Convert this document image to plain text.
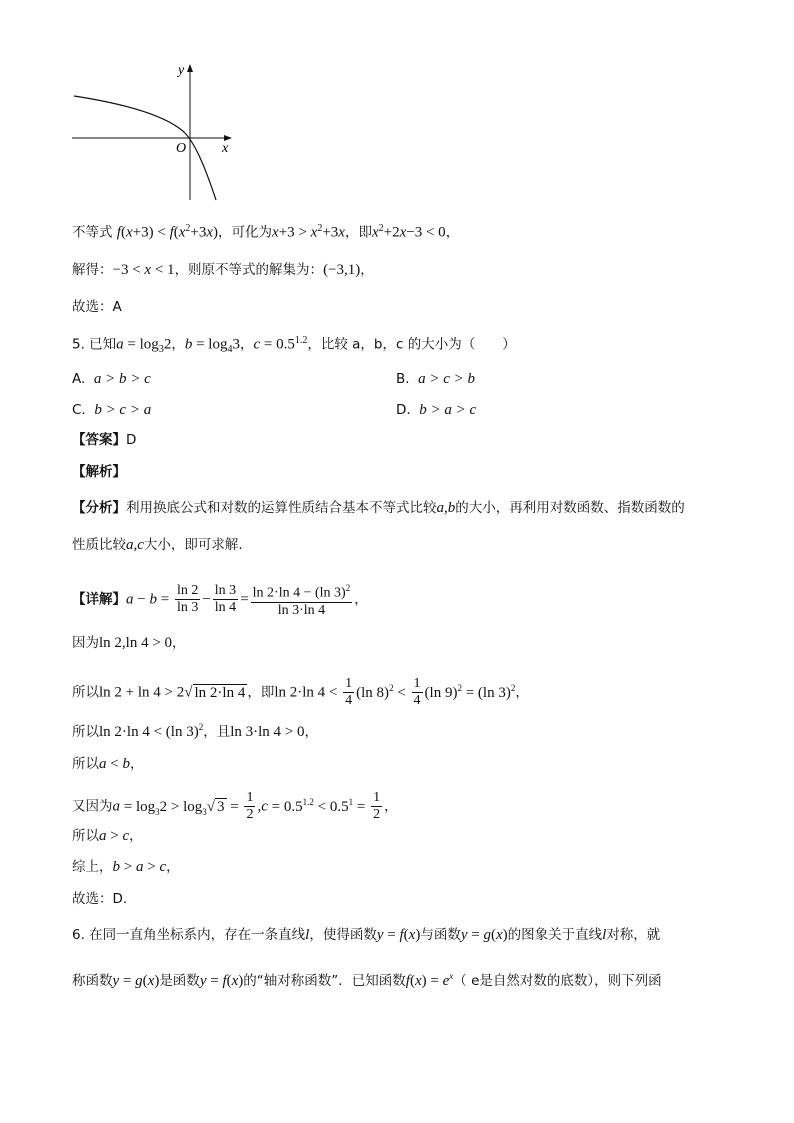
y
x
O
不等式 $f(x+3) < f(x^2+3x)$，可化为$x+3 > x^2+3x$，即$x^2+2x-3 < 0$，
解得：−3 < x < 1，则原不等式的解集为：(−3,1)，
故选：A
5. 已知$a = \log_32$，$b = \log_43$，$c = 0.5^{1.2}$，比较 a，b，c 的大小为（　　）
A. a > b > c	B. a > c > b
C. b > c > a	D. b > a > c
【答案】D
【解析】
【分析】利用换底公式和对数的运算性质结合基本不等式比较a,b的大小，再利用对数函数、指数函数的
性质比较a,c大小，即可求解.
【详解】$a - b = \frac{\ln 2}{\ln 3} - \frac{\ln 3}{\ln 4} = \frac{\ln 2\cdot\ln 4 - (\ln 3)^2}{\ln 3\cdot\ln 4}$ ，
因为ln 2,ln 4 > 0，
所以ln 2 + ln 4 > 2√ ln 2·ln 4 ，即ln 2·ln $4 < \frac{1}{4} (\ln$ $8)^2 < \frac{1}{4} (\ln$ 9)$^2$ = (ln 3)$^2$，
所以ln 2·ln 4 < (ln 3)$^2$，且ln 3·ln 4 > 0，
所以a < b，
又因为$a = \log_32 > \log_3√$ $3 = \frac{1}{2} ,c = 0.5^{1.2} < 0.5^1 = \frac{1}{2}$ ，
所以a > c，
综上，b > a > c，
故选：D.
6. 在同一直角坐标系内，存在一条直线l，使得函数y = f(x)与函数y = g(x)的图象关于直线l对称，就
称函数y = g(x)是函数y = f(x)的“轴对称函数”．已知函数$f(x) = e^x$（ e是自然对数的底数），则下列函
